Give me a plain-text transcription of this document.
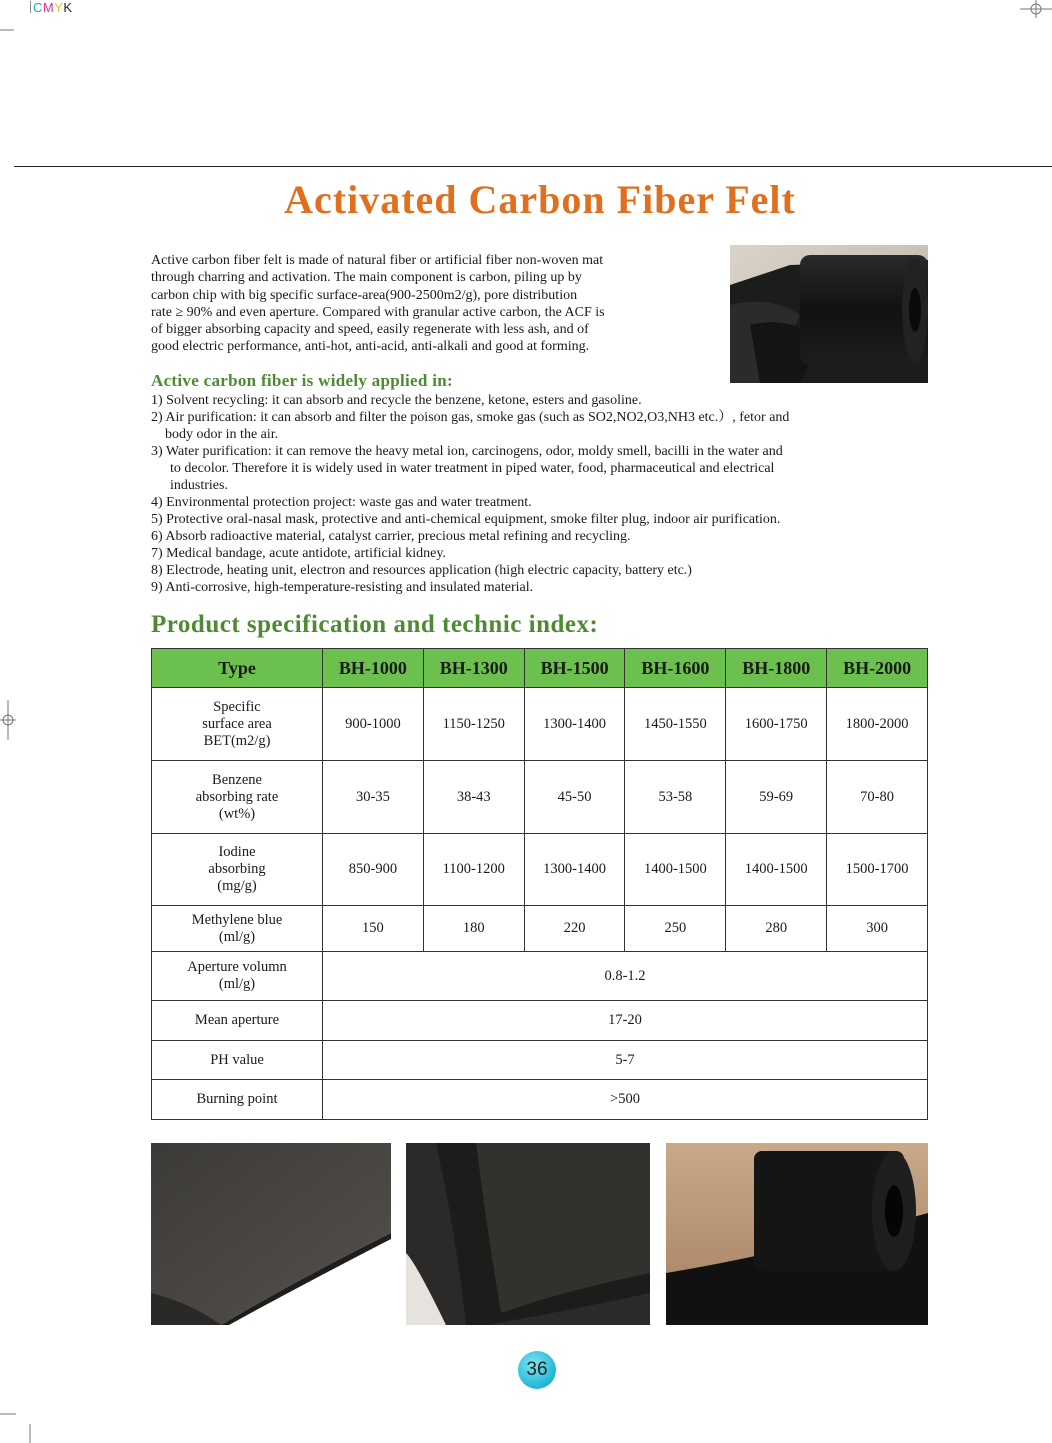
CMYK
Activated Carbon Fiber Felt
Active carbon fiber felt is made of natural fiber or artificial fiber non-woven mat
through charring and activation. The main component is carbon, piling up by
carbon chip with big specific surface-area(900-2500m2/g), pore distribution
rate ≥ 90% and even aperture. Compared with granular active carbon, the ACF is
of bigger absorbing capacity and speed, easily regenerate with less ash, and of
good electric performance, anti-hot, anti-acid, anti-alkali and good at forming.
Active carbon fiber is widely applied in:
1) Solvent recycling: it can absorb and recycle the benzene, ketone, esters and gasoline.
2) Air purification: it can absorb and filter the poison gas, smoke gas (such as SO2,NO2,O3,NH3 etc.）, fetor and
body odor in the air.
3) Water purification: it can remove the heavy metal ion, carcinogens, odor, moldy smell, bacilli in the water and
to decolor. Therefore it is widely used in water treatment in piped water, food, pharmaceutical and electrical
industries.
4) Environmental protection project: waste gas and water treatment.
5) Protective oral-nasal mask, protective and anti-chemical equipment, smoke filter plug, indoor air purification.
6) Absorb radioactive material, catalyst carrier, precious metal refining and recycling.
7) Medical bandage, acute antidote, artificial kidney.
8) Electrode, heating unit, electron and resources application (high electric capacity, battery etc.)
9) Anti-corrosive, high-temperature-resisting and insulated material.
Product specification and technic index:
Type	BH-1000	BH-1300	BH-1500	BH-1600	BH-1800	BH-2000

Specific
surface area
BET(m2/g)	900-1000	1150-1250	1300-1400	1450-1550	1600-1750	1800-2000

Benzene
absorbing rate
(wt%)	30-35	38-43	45-50	53-58	59-69	70-80

Iodine
absorbing
(mg/g)	850-900	1100-1200	1300-1400	1400-1500	1400-1500	1500-1700

Methylene blue
(ml/g)	150	180	220	250	280	300

Aperture volumn
(ml/g)	0.8-1.2					

Mean aperture	17-20					

PH value	5-7					

Burning point	>500					
36
